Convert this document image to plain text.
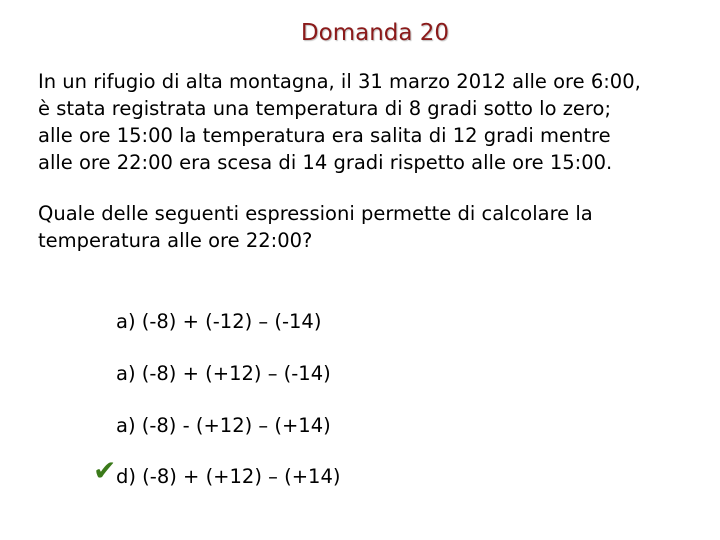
Domanda 20
In un rifugio di alta montagna, il 31 marzo 2012 alle ore 6:00,
è stata registrata una temperatura di 8 gradi sotto lo zero;
alle ore 15:00 la temperatura era salita di 12 gradi mentre
alle ore 22:00 era scesa di 14 gradi rispetto alle ore 15:00.
Quale delle seguenti espressioni permette di calcolare la
temperatura alle ore 22:00?
a) (-8) + (-12) – (-14)
a) (-8) + (+12) – (-14)
a) (-8) - (+12) – (+14)
d) (-8) + (+12) – (+14)
✔
